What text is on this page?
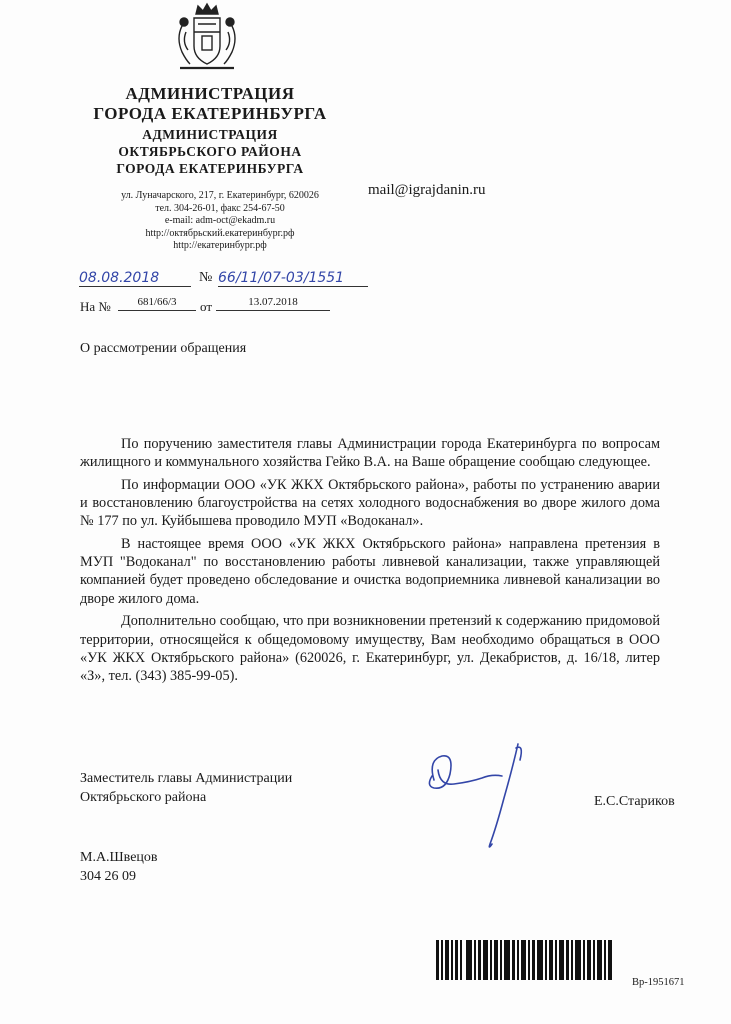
АДМИНИСТРАЦИЯ
ГОРОДА ЕКАТЕРИНБУРГА
АДМИНИСТРАЦИЯ
ОКТЯБРЬСКОГО РАЙОНА
ГОРОДА ЕКАТЕРИНБУРГА
ул. Луначарского, 217, г. Екатеринбург, 620026
тел. 304-26-01, факс 254-67-50
e-mail: adm-oct@ekadm.ru
http://октябрьский.екатеринбург.рф
http://екатеринбург.рф
mail@igrajdanin.ru
08.08.2018	№ 66/11/07-03/1551
На №	681/66/3	от	13.07.2018
О рассмотрении обращения

По поручению заместителя главы Администрации города Екатеринбурга по вопросам жилищного и коммунального хозяйства Гейко В.А. на Ваше обращение сообщаю следующее.

По информации ООО «УК ЖКХ Октябрьского района», работы по устранению аварии и восстановлению благоустройства на сетях холодного водоснабжения во дворе жилого дома № 177 по ул. Куйбышева проводило МУП «Водоканал».

В настоящее время ООО «УК ЖКХ Октябрьского района» направлена претензия в МУП "Водоканал" по восстановлению работы ливневой канализации, также управляющей компанией будет проведено обследование и очистка водоприемника ливневой канализации во дворе жилого дома.

Дополнительно сообщаю, что при возникновении претензий к содержанию придомовой территории, относящейся к общедомовому имуществу, Вам необходимо обращаться в ООО «УК ЖКХ Октябрьского района» (620026, г. Екатеринбург, ул. Декабристов, д. 16/18, литер «З», тел. (343) 385-99-05).

Заместитель главы Администрации
Октябрьского района	Е.С.Стариков
М.А.Швецов
304 26 09
Вр-1951671
